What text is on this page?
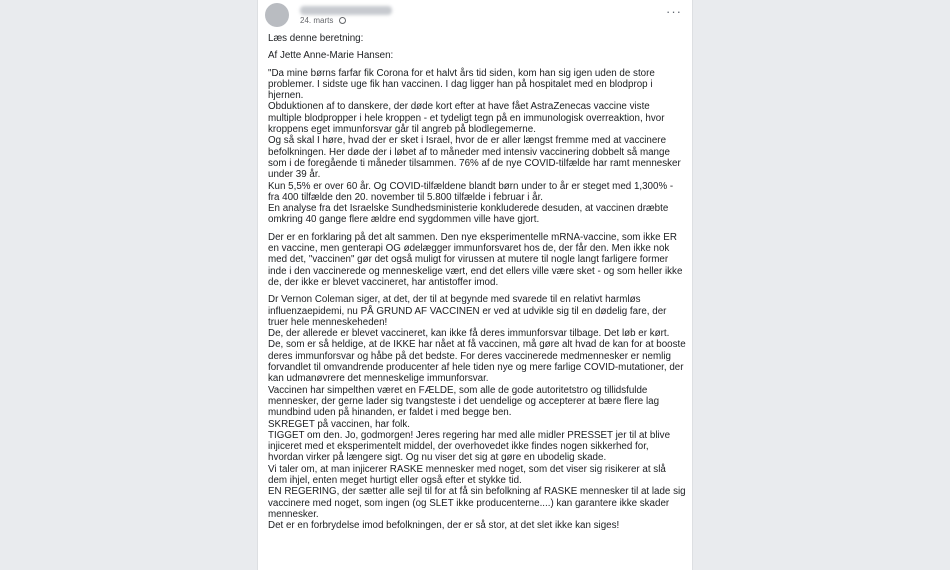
24. marts
···

Læs denne beretning:

Af Jette Anne-Marie Hansen:

"Da mine børns farfar fik Corona for et halvt års tid siden, kom han sig igen uden de store problemer. I sidste uge fik han vaccinen. I dag ligger han på hospitalet med en blodprop i hjernen.

Obduktionen af to danskere, der døde kort efter at have fået AstraZenecas vaccine viste multiple blodpropper i hele kroppen - et tydeligt tegn på en immunologisk overreaktion, hvor kroppens eget immunforsvar går til angreb på blodlegemerne.

Og så skal I høre, hvad der er sket i Israel, hvor de er aller længst fremme med at vaccinere befolkningen. Her døde der i løbet af to måneder med intensiv vaccinering dobbelt så mange som i de foregående ti måneder tilsammen. 76% af de nye COVID-tilfælde har ramt mennesker under 39 år.

Kun 5,5% er over 60 år. Og COVID-tilfældene blandt børn under to år er steget med 1,300% - fra 400 tilfælde den 20. november til 5.800 tilfælde i februar i år.

En analyse fra det Israelske Sundhedsministerie konkluderede desuden, at vaccinen dræbte omkring 40 gange flere ældre end sygdommen ville have gjort.

Der er en forklaring på det alt sammen. Den nye eksperimentelle mRNA-vaccine, som ikke ER en vaccine, men genterapi OG ødelægger immunforsvaret hos de, der får den. Men ikke nok med det, "vaccinen" gør det også muligt for virussen at mutere til nogle langt farligere former inde i den vaccinerede og menneskelige vært, end det ellers ville være sket - og som heller ikke de, der ikke er blevet vaccineret, har antistoffer imod.

Dr Vernon Coleman siger, at det, der til at begynde med svarede til en relativt harmløs influenzaepidemi, nu PÅ GRUND AF VACCINEN er ved at udvikle sig til en dødelig fare, der truer hele menneskeheden!

De, der allerede er blevet vaccineret, kan ikke få deres immunforsvar tilbage. Det løb er kørt. De, som er så heldige, at de IKKE har nået at få vaccinen, må gøre alt hvad de kan for at booste deres immunforsvar og håbe på det bedste. For deres vaccinerede medmennesker er nemlig forvandlet til omvandrende producenter af hele tiden nye og mere farlige COVID-mutationer, der kan udmanøvrere det menneskelige immunforsvar.

Vaccinen har simpelthen været en FÆLDE, som alle de gode autoritetstro og tillidsfulde mennesker, der gerne lader sig tvangsteste i det uendelige og accepterer at bære flere lag mundbind uden på hinanden, er faldet i med begge ben.

SKREGET på vaccinen, har folk.

TIGGET om den. Jo, godmorgen! Jeres regering har med alle midler PRESSET jer til at blive injiceret med et eksperimentelt middel, der overhovedet ikke findes nogen sikkerhed for, hvordan virker på længere sigt. Og nu viser det sig at gøre en ubodelig skade.

Vi taler om, at man injicerer RASKE mennesker med noget, som det viser sig risikerer at slå dem ihjel, enten meget hurtigt eller også efter et stykke tid.

EN REGERING, der sætter alle sejl til for at få sin befolkning af RASKE mennesker til at lade sig vaccinere med noget, som ingen (og SLET ikke producenterne....) kan garantere ikke skader mennesker.

Det er en forbrydelse imod befolkningen, der er så stor, at det slet ikke kan siges!
